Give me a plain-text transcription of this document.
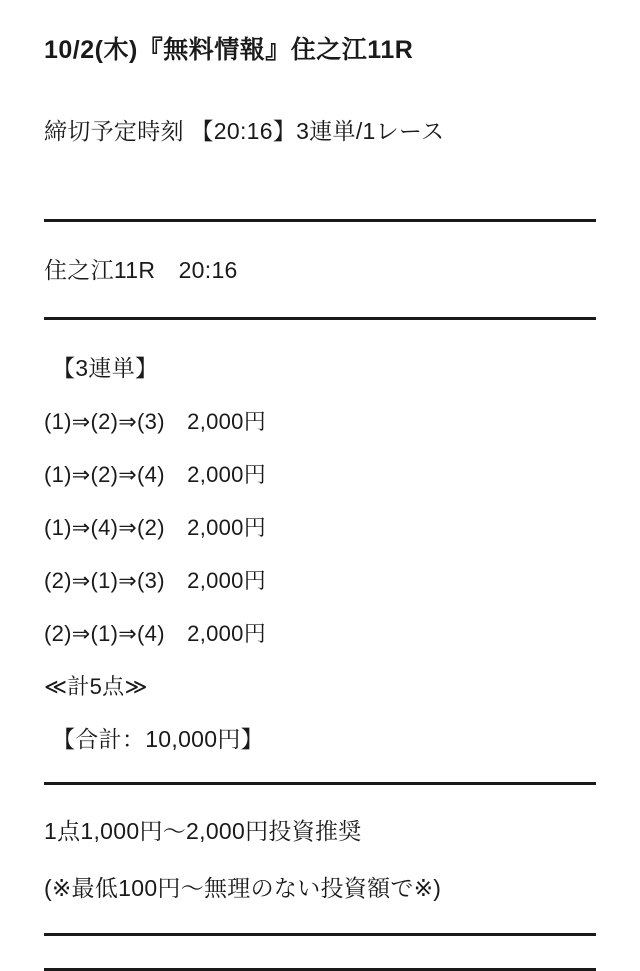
10/2(木)『無料情報』住之江11R
締切予定時刻 【20:16】3連単/1レース
住之江11R　20:16
【3連単】
(1)⇒(2)⇒(3)　 2,000円
(1)⇒(2)⇒(4)　 2,000円
(1)⇒(4)⇒(2)　 2,000円
(2)⇒(1)⇒(3)　 2,000円
(2)⇒(1)⇒(4)　 2,000円
≪計5点≫
【合計：10,000円】
1点1,000円〜2,000円投資推奨
(※最低100円〜無理のない投資額で※)
